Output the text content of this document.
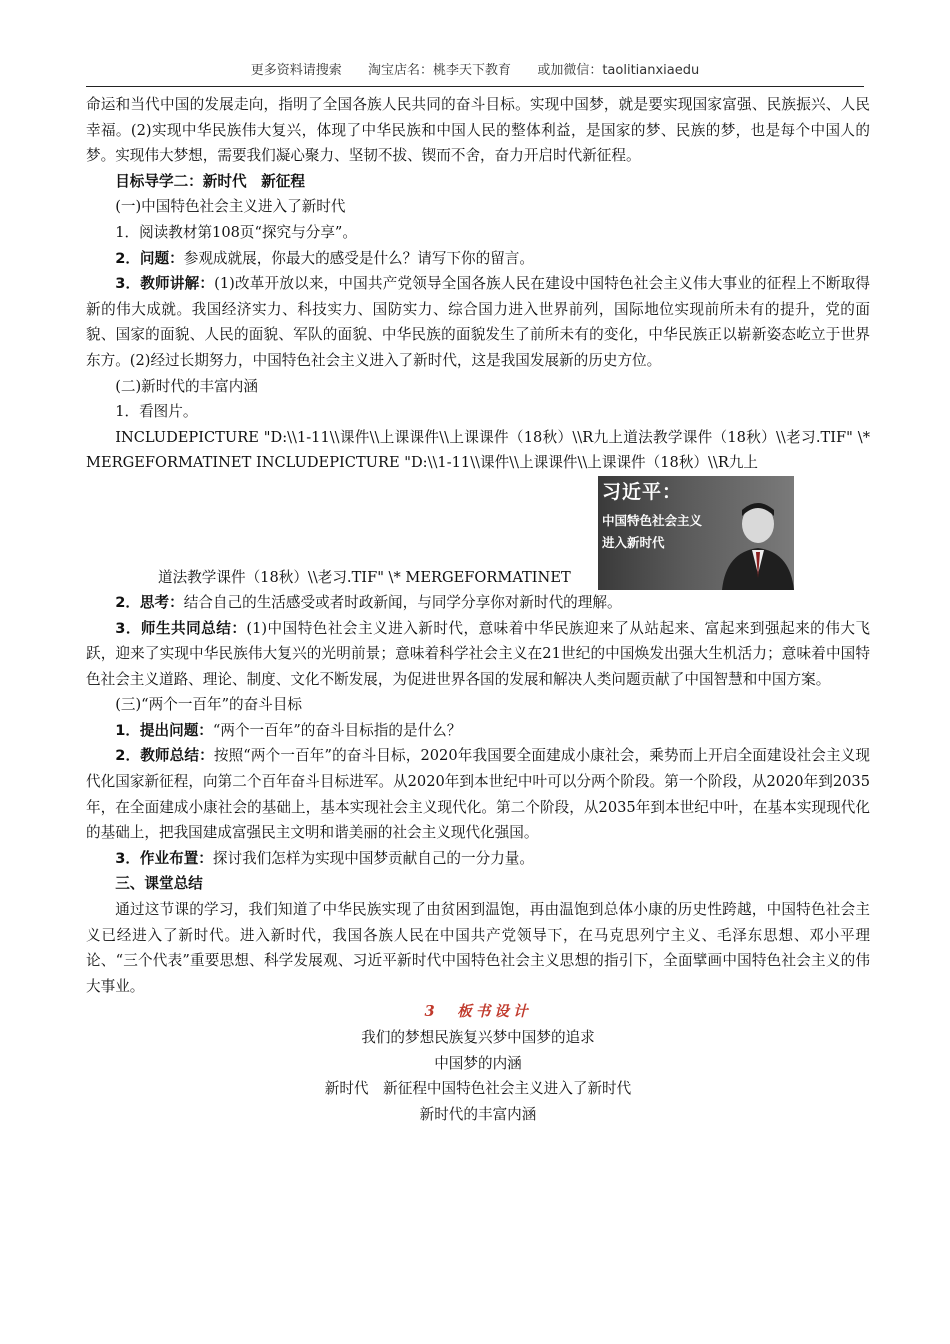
更多资料请搜索 淘宝店名：桃李天下教育 或加微信：taolitianxiaedu

命运和当代中国的发展走向，指明了全国各族人民共同的奋斗目标。实现中国梦，就是要实现国家富强、民族振兴、人民幸福。(2)实现中华民族伟大复兴，体现了中华民族和中国人民的整体利益，是国家的梦、民族的梦，也是每个中国人的梦。实现伟大梦想，需要我们凝心聚力、坚韧不拔、锲而不舍，奋力开启时代新征程。

目标导学二：新时代　新征程

(一)中国特色社会主义进入了新时代

1．阅读教材第108页“探究与分享”。

2．问题：参观成就展，你最大的感受是什么？请写下你的留言。

3．教师讲解：(1)改革开放以来，中国共产党领导全国各族人民在建设中国特色社会主义伟大事业的征程上不断取得新的伟大成就。我国经济实力、科技实力、国防实力、综合国力进入世界前列，国际地位实现前所未有的提升，党的面貌、国家的面貌、人民的面貌、军队的面貌、中华民族的面貌发生了前所未有的变化，中华民族正以崭新姿态屹立于世界东方。(2)经过长期努力，中国特色社会主义进入了新时代，这是我国发展新的历史方位。

(二)新时代的丰富内涵

1．看图片。

INCLUDEPICTURE "D:\\1-11\\课件\\上课课件\\上课课件（18秋）\\R九上道法教学课件（18秋）\\老习.TIF" \* MERGEFORMATINET INCLUDEPICTURE "D:\\1-11\\课件\\上课课件\\上课课件（18秋）\\R九上

道法教学课件（18秋）\\老习.TIF" \* MERGEFORMATINET
习近平：
中国特色社会主义
进入新时代

2．思考：结合自己的生活感受或者时政新闻，与同学分享你对新时代的理解。

3．师生共同总结：(1)中国特色社会主义进入新时代，意味着中华民族迎来了从站起来、富起来到强起来的伟大飞跃，迎来了实现中华民族伟大复兴的光明前景；意味着科学社会主义在21世纪的中国焕发出强大生机活力；意味着中国特色社会主义道路、理论、制度、文化不断发展，为促进世界各国的发展和解决人类问题贡献了中国智慧和中国方案。

(三)“两个一百年”的奋斗目标

1．提出问题：“两个一百年”的奋斗目标指的是什么？

2．教师总结：按照“两个一百年”的奋斗目标，2020年我国要全面建成小康社会，乘势而上开启全面建设社会主义现代化国家新征程，向第二个百年奋斗目标进军。从2020年到本世纪中叶可以分两个阶段。第一个阶段，从2020年到2035年，在全面建成小康社会的基础上，基本实现社会主义现代化。第二个阶段，从2035年到本世纪中叶，在基本实现现代化的基础上，把我国建成富强民主文明和谐美丽的社会主义现代化强国。

3．作业布置：探讨我们怎样为实现中国梦贡献自己的一分力量。

三、课堂总结

通过这节课的学习，我们知道了中华民族实现了由贫困到温饱，再由温饱到总体小康的历史性跨越，中国特色社会主义已经进入了新时代。进入新时代，我国各族人民在中国共产党领导下，在马克思列宁主义、毛泽东思想、邓小平理论、“三个代表”重要思想、科学发展观、习近平新时代中国特色社会主义思想的指引下，全面擘画中国特色社会主义的伟大事业。

3　板书设计

我们的梦想民族复兴梦中国梦的追求

中国梦的内涵

新时代　新征程中国特色社会主义进入了新时代

新时代的丰富内涵
